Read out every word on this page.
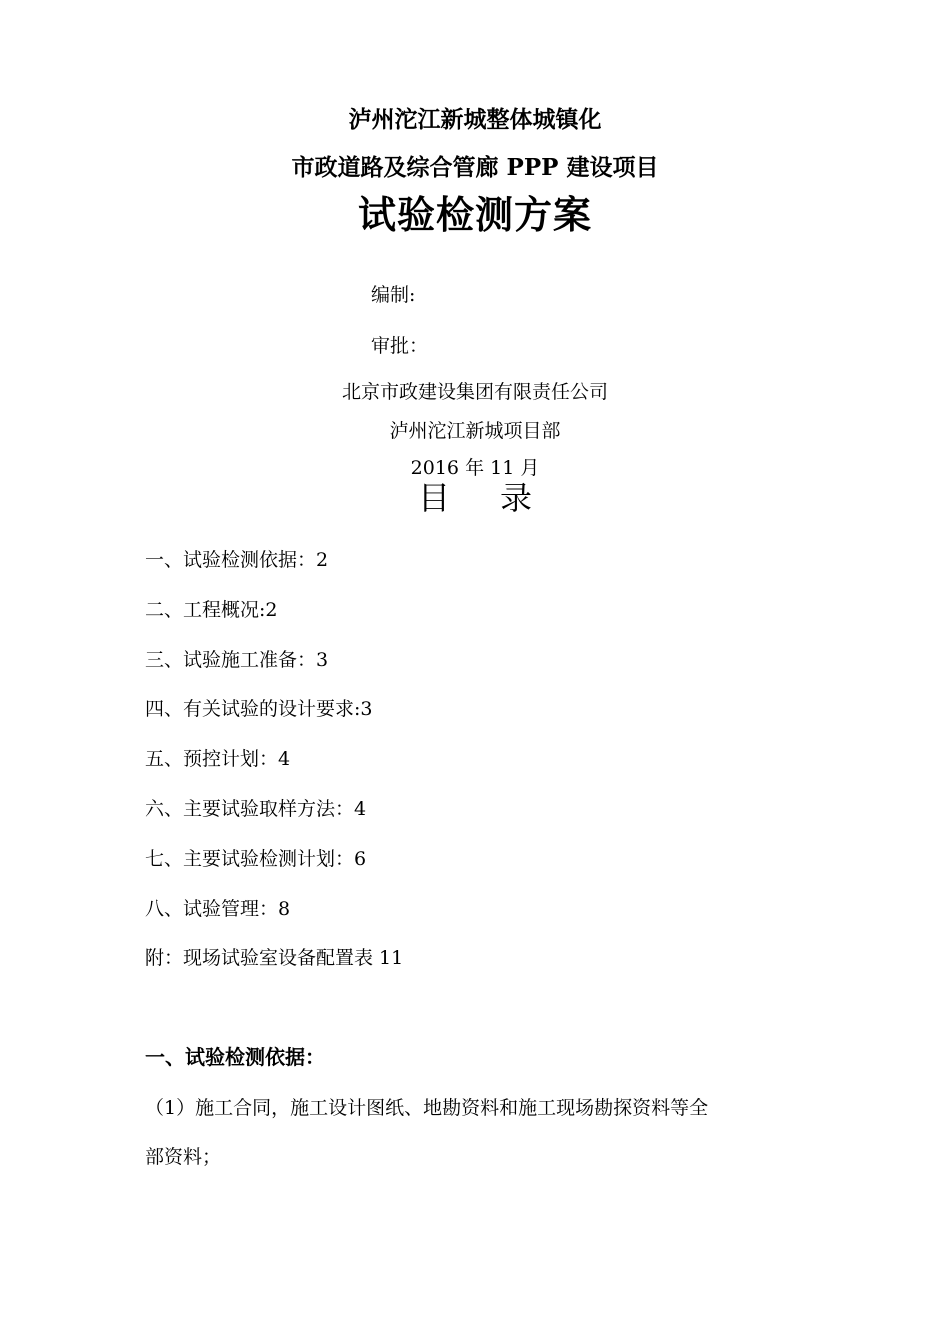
泸州沱江新城整体城镇化
市政道路及综合管廊 PPP 建设项目
试验检测方案
编制:
审批：
北京市政建设集团有限责任公司
泸州沱江新城项目部
2016 年 11 月
目 录
一、试验检测依据：2
二、工程概况:2
三、试验施工准备：3
四、有关试验的设计要求:3
五、预控计划：4
六、主要试验取样方法：4
七、主要试验检测计划：6
八、试验管理：8
附：现场试验室设备配置表 11
一、试验检测依据：
（1）施工合同，施工设计图纸、地勘资料和施工现场勘探资料等全
部资料；
